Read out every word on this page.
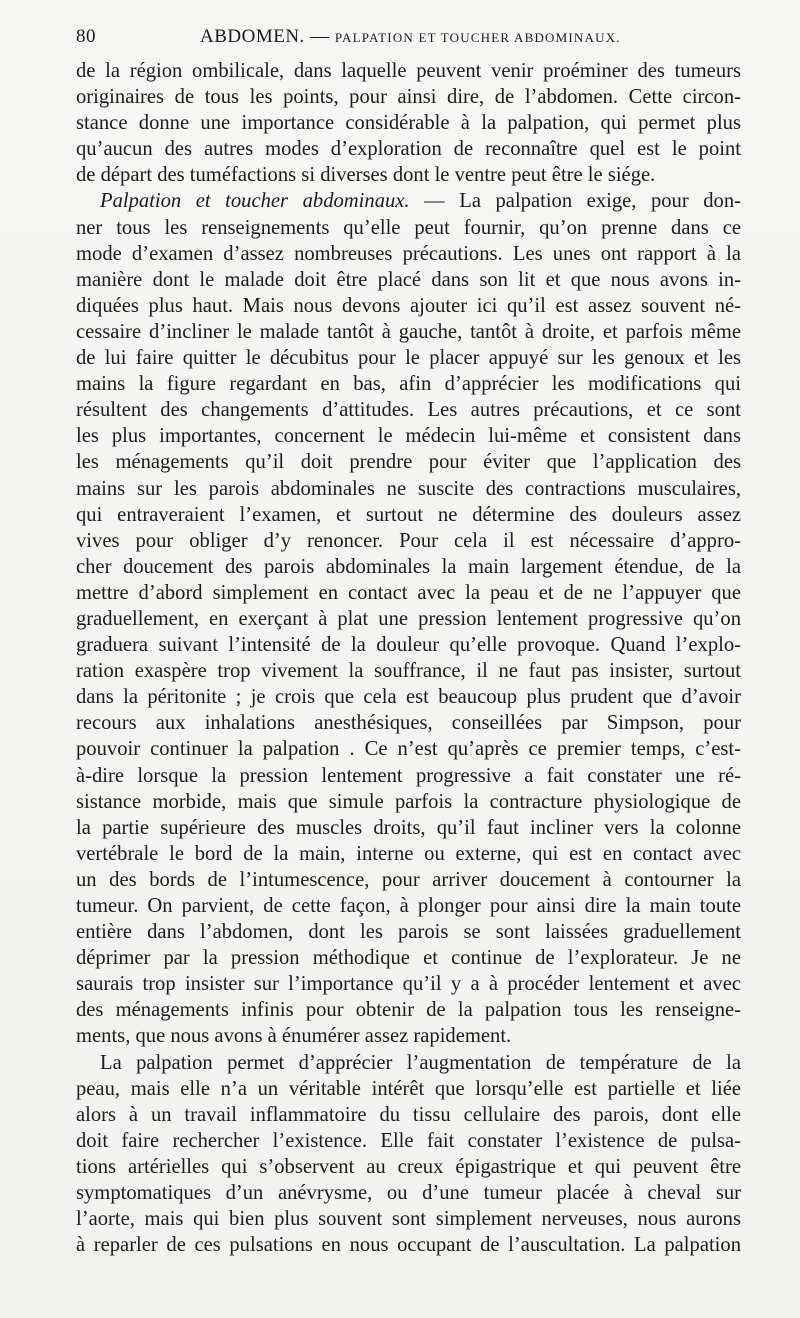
80	ABDOMEN. — PALPATION ET TOUCHER ABDOMINAUX.
de la région ombilicale, dans laquelle peuvent venir proéminer des tumeurs
originaires de tous les points, pour ainsi dire, de l’abdomen. Cette circon-
stance donne une importance considérable à la palpation, qui permet plus
qu’aucun des autres modes d’exploration de reconnaître quel est le point
de départ des tuméfactions si diverses dont le ventre peut être le siége.
Palpation et toucher abdominaux. — La palpation exige, pour don-
ner tous les renseignements qu’elle peut fournir, qu’on prenne dans ce
mode d’examen d’assez nombreuses précautions. Les unes ont rapport à la
manière dont le malade doit être placé dans son lit et que nous avons in-
diquées plus haut. Mais nous devons ajouter ici qu’il est assez souvent né-
cessaire d’incliner le malade tantôt à gauche, tantôt à droite, et parfois même
de lui faire quitter le décubitus pour le placer appuyé sur les genoux et les
mains la figure regardant en bas, afin d’apprécier les modifications qui
résultent des changements d’attitudes. Les autres précautions, et ce sont
les plus importantes, concernent le médecin lui-même et consistent dans
les ménagements qu’il doit prendre pour éviter que l’application des
mains sur les parois abdominales ne suscite des contractions musculaires,
qui entraveraient l’examen, et surtout ne détermine des douleurs assez
vives pour obliger d’y renoncer. Pour cela il est nécessaire d’appro-
cher doucement des parois abdominales la main largement étendue, de la
mettre d’abord simplement en contact avec la peau et de ne l’appuyer que
graduellement, en exerçant à plat une pression lentement progressive qu’on
graduera suivant l’intensité de la douleur qu’elle provoque. Quand l’explo-
ration exaspère trop vivement la souffrance, il ne faut pas insister, surtout
dans la péritonite ; je crois que cela est beaucoup plus prudent que d’avoir
recours aux inhalations anesthésiques, conseillées par Simpson, pour
pouvoir continuer la palpation . Ce n’est qu’après ce premier temps, c’est-
à-dire lorsque la pression lentement progressive a fait constater une ré-
sistance morbide, mais que simule parfois la contracture physiologique de
la partie supérieure des muscles droits, qu’il faut incliner vers la colonne
vertébrale le bord de la main, interne ou externe, qui est en contact avec
un des bords de l’intumescence, pour arriver doucement à contourner la
tumeur. On parvient, de cette façon, à plonger pour ainsi dire la main toute
entière dans l’abdomen, dont les parois se sont laissées graduellement
déprimer par la pression méthodique et continue de l’explorateur. Je ne
saurais trop insister sur l’importance qu’il y a à procéder lentement et avec
des ménagements infinis pour obtenir de la palpation tous les renseigne-
ments, que nous avons à énumérer assez rapidement.
La palpation permet d’apprécier l’augmentation de température de la
peau, mais elle n’a un véritable intérêt que lorsqu’elle est partielle et liée
alors à un travail inflammatoire du tissu cellulaire des parois, dont elle
doit faire rechercher l’existence. Elle fait constater l’existence de pulsa-
tions artérielles qui s’observent au creux épigastrique et qui peuvent être
symptomatiques d’un anévrysme, ou d’une tumeur placée à cheval sur
l’aorte, mais qui bien plus souvent sont simplement nerveuses, nous aurons
à reparler de ces pulsations en nous occupant de l’auscultation. La palpation
